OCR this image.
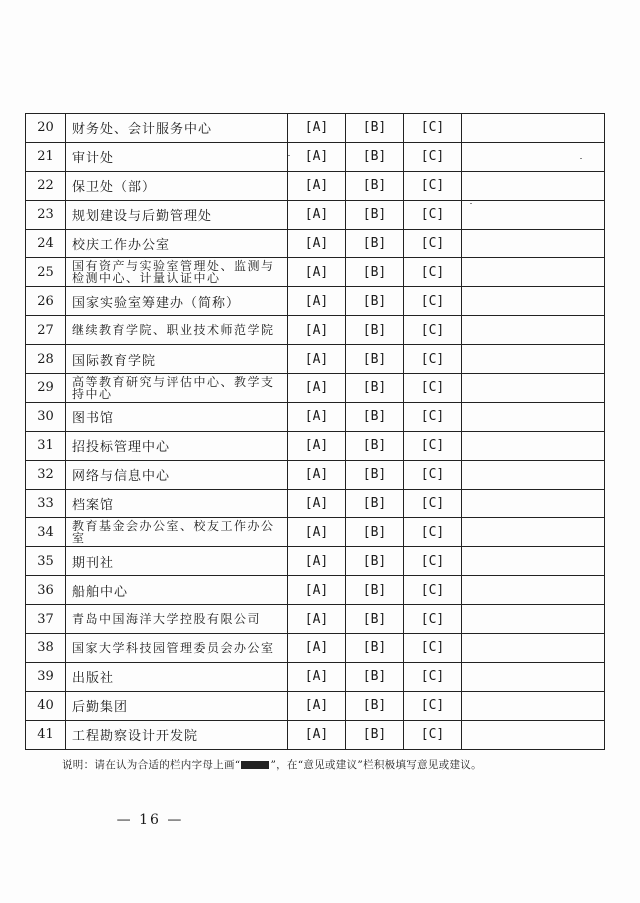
20	财务处、会计服务中心	[A]	[B]	[C]	
21	审计处	[A]	[B]	[C]	
22	保卫处（部）	[A]	[B]	[C]	
23	规划建设与后勤管理处	[A]	[B]	[C]	
24	校庆工作办公室	[A]	[B]	[C]	
25	国有资产与实验室管理处、监测与检测中心、计量认证中心	[A]	[B]	[C]	
26	国家实验室筹建办（简称）	[A]	[B]	[C]	
27	继续教育学院、职业技术师范学院	[A]	[B]	[C]	
28	国际教育学院	[A]	[B]	[C]	
29	高等教育研究与评估中心、教学支持中心	[A]	[B]	[C]	
30	图书馆	[A]	[B]	[C]	
31	招投标管理中心	[A]	[B]	[C]	
32	网络与信息中心	[A]	[B]	[C]	
33	档案馆	[A]	[B]	[C]	
34	教育基金会办公室、校友工作办公室	[A]	[B]	[C]	
35	期刊社	[A]	[B]	[C]	
36	船舶中心	[A]	[B]	[C]	
37	青岛中国海洋大学控股有限公司	[A]	[B]	[C]	
38	国家大学科技园管理委员会办公室	[A]	[B]	[C]	
39	出版社	[A]	[B]	[C]	
40	后勤集团	[A]	[B]	[C]	
41	工程勘察设计开发院	[A]	[B]	[C]	
说明：请在认为合适的栏内字母上画“	”，在“意见或建议”栏积极填写意见或建议。
— 16 —
